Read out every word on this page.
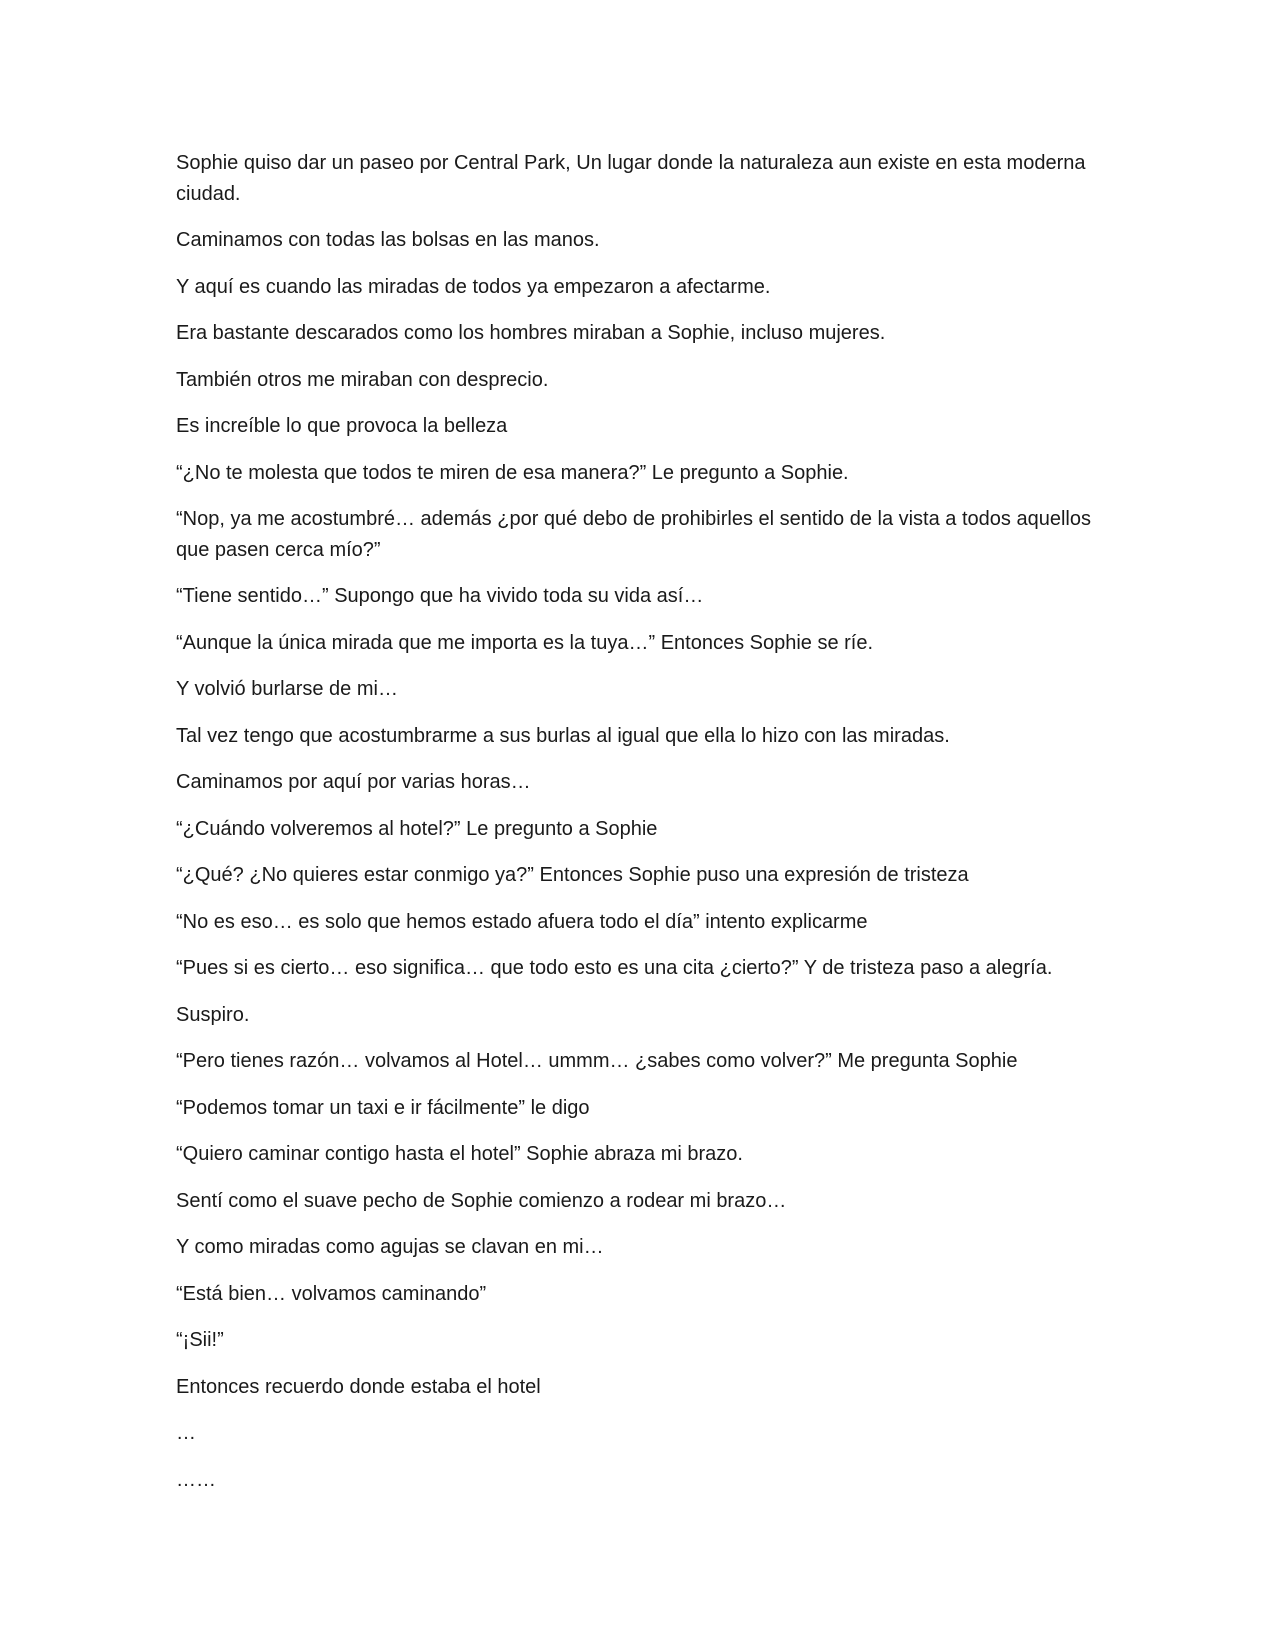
Sophie quiso dar un paseo por Central Park, Un lugar donde la naturaleza aun existe en esta moderna ciudad.

Caminamos con todas las bolsas en las manos.

Y aquí es cuando las miradas de todos ya empezaron a afectarme.

Era bastante descarados como los hombres miraban a Sophie, incluso mujeres.

También otros me miraban con desprecio.

Es increíble lo que provoca la belleza

“¿No te molesta que todos te miren de esa manera?” Le pregunto a Sophie.

“Nop, ya me acostumbré… además ¿por qué debo de prohibirles el sentido de la vista a todos aquellos que pasen cerca mío?”

“Tiene sentido…” Supongo que ha vivido toda su vida así…

“Aunque la única mirada que me importa es la tuya…” Entonces Sophie se ríe.

Y volvió burlarse de mi…

Tal vez tengo que acostumbrarme a sus burlas al igual que ella lo hizo con las miradas.

Caminamos por aquí por varias horas…

“¿Cuándo volveremos al hotel?” Le pregunto a Sophie

“¿Qué? ¿No quieres estar conmigo ya?” Entonces Sophie puso una expresión de tristeza

“No es eso… es solo que hemos estado afuera todo el día” intento explicarme

“Pues si es cierto… eso significa… que todo esto es una cita ¿cierto?” Y de tristeza paso a alegría.

Suspiro.

“Pero tienes razón… volvamos al Hotel… ummm… ¿sabes como volver?” Me pregunta Sophie

“Podemos tomar un taxi e ir fácilmente” le digo

“Quiero caminar contigo hasta el hotel” Sophie abraza mi brazo.

Sentí como el suave pecho de Sophie comienzo a rodear mi brazo…

Y como miradas como agujas se clavan en mi…

“Está bien… volvamos caminando”

“¡Sii!”

Entonces recuerdo donde estaba el hotel

…

……
